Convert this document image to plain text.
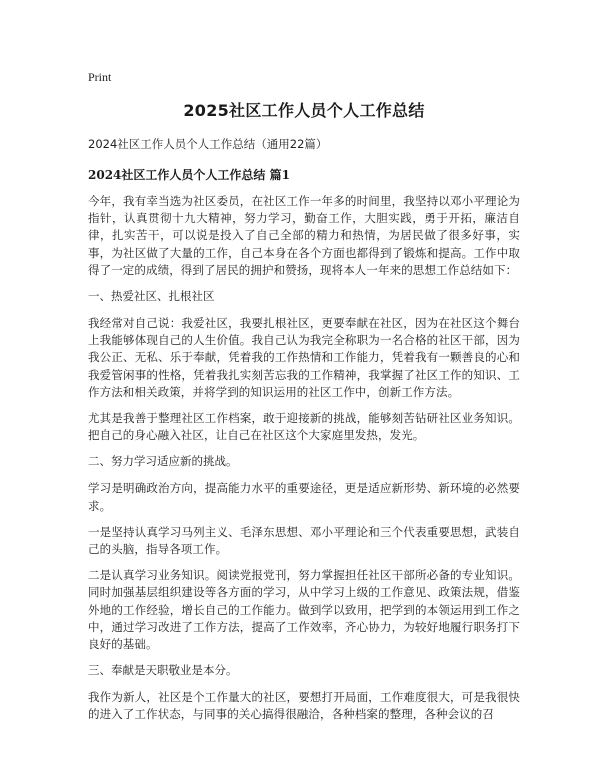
Print
2025社区工作人员个人工作总结
2024社区工作人员个人工作总结（通用22篇）
2024社区工作人员个人工作总结 篇1

今年，我有幸当选为社区委员，在社区工作一年多的时间里，我坚持以邓小平理论为指针，认真贯彻十九大精神，努力学习，勤奋工作，大胆实践，勇于开拓，廉洁自律，扎实苦干，可以说是投入了自己全部的精力和热情，为居民做了很多好事，实事，为社区做了大量的工作，自己本身在各个方面也都得到了锻炼和提高。工作中取得了一定的成绩，得到了居民的拥护和赞扬，现将本人一年来的思想工作总结如下：

一、热爱社区、扎根社区

我经常对自己说：我爱社区，我要扎根社区，更要奉献在社区，因为在社区这个舞台上我能够体现自己的人生价值。我自己认为我完全称职为一名合格的社区干部，因为我公正、无私、乐于奉献，凭着我的工作热情和工作能力，凭着我有一颗善良的心和我爱管闲事的性格，凭着我扎实刻苦忘我的工作精神，我掌握了社区工作的知识、工作方法和相关政策，并将学到的知识运用的社区工作中，创新工作方法。

尤其是我善于整理社区工作档案，敢于迎接新的挑战，能够刻苦钻研社区业务知识。把自己的身心融入社区，让自己在社区这个大家庭里发热，发光。

二、努力学习适应新的挑战。

学习是明确政治方向，提高能力水平的重要途径，更是适应新形势、新环境的必然要求。

一是坚持认真学习马列主义、毛泽东思想、邓小平理论和三个代表重要思想，武装自己的头脑，指导各项工作。

二是认真学习业务知识。阅读党报党刊，努力掌握担任社区干部所必备的专业知识。同时加强基层组织建设等各方面的学习，从中学习上级的工作意见、政策法规，借鉴外地的工作经验，增长自己的工作能力。做到学以致用，把学到的本领运用到工作之中，通过学习改进了工作方法，提高了工作效率，齐心协力，为较好地履行职务打下良好的基础。

三、奉献是天职敬业是本分。

我作为新人，社区是个工作量大的社区，要想打开局面，工作难度很大，可是我很快的进入了工作状态，与同事的关心搞得很融洽，各种档案的整理，各种会议的召
